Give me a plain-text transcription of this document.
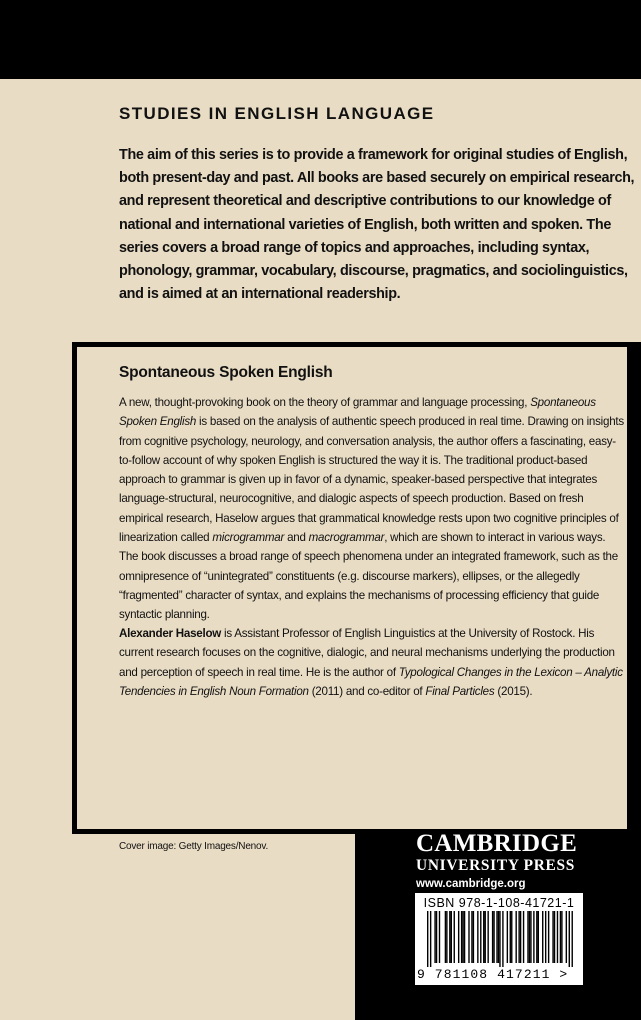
STUDIES IN ENGLISH LANGUAGE

The aim of this series is to provide a framework for original studies of English, both present-day and past. All books are based securely on empirical research, and represent theoretical and descriptive contributions to our knowledge of national and international varieties of English, both written and spoken. The series covers a broad range of topics and approaches, including syntax, phonology, grammar, vocabulary, discourse, pragmatics, and sociolinguistics, and is aimed at an international readership.

Spontaneous Spoken English

A new, thought-provoking book on the theory of grammar and language processing, Spontaneous Spoken English is based on the analysis of authentic speech produced in real time. Drawing on insights from cognitive psychology, neurology, and conversation analysis, the author offers a fascinating, easy-to-follow account of why spoken English is structured the way it is. The traditional product-based approach to grammar is given up in favor of a dynamic, speaker-based perspective that integrates language-structural, neurocognitive, and dialogic aspects of speech production. Based on fresh empirical research, Haselow argues that grammatical knowledge rests upon two cognitive principles of linearization called microgrammar and macrogrammar, which are shown to interact in various ways. The book discusses a broad range of speech phenomena under an integrated framework, such as the omnipresence of “unintegrated” constituents (e.g. discourse markers), ellipses, or the allegedly “fragmented” character of syntax, and explains the mechanisms of processing efficiency that guide syntactic planning.

Alexander Haselow is Assistant Professor of English Linguistics at the University of Rostock. His current research focuses on the cognitive, dialogic, and neural mechanisms underlying the production and perception of speech in real time. He is the author of Typological Changes in the Lexicon – Analytic Tendencies in English Noun Formation (2011) and co-editor of Final Particles (2015).

Cover image: Getty Images/Nenov.	CAMBRIDGE
UNIVERSITY PRESS
www.cambridge.org
ISBN 978-1-108-41721-1
9 781108 417211 >
